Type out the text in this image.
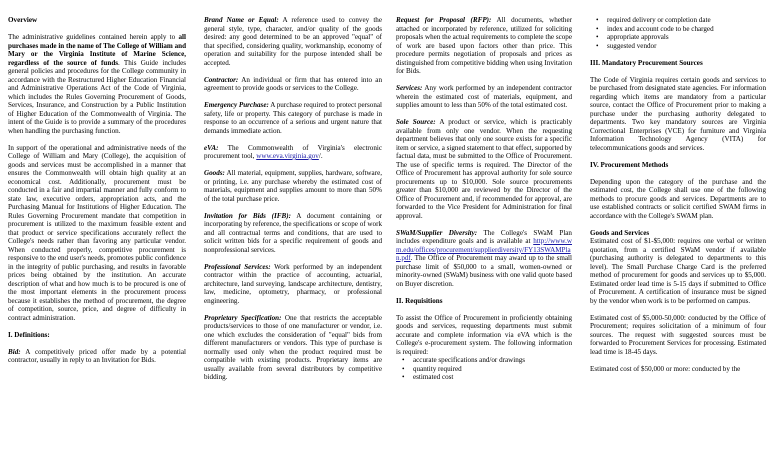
Overview

The administrative guidelines contained herein apply to all purchases made in the name of The College of William and Mary or the Virginia Institute of Marine Science, regardless of the source of funds. This Guide includes general policies and procedures for the College community in accordance with the Restructured Higher Education Financial and Administrative Operations Act of the Code of Virginia, which includes the Rules Governing Procurement of Goods, Services, Insurance, and Construction by a Public Institution of Higher Education of the Commonwealth of Virginia. The intent of the Guide is to provide a summary of the procedures when handling the purchasing function.

In support of the operational and administrative needs of the College of William and Mary (College), the acquisition of goods and services must be accomplished in a manner that ensures the Commonwealth will obtain high quality at an economical cost. Additionally, procurement must be conducted in a fair and impartial manner and fully conform to state law, executive orders, appropriation acts, and the Purchasing Manual for Institutions of Higher Education. The Rules Governing Procurement mandate that competition in procurement is utilized to the maximum feasible extent and that product or service specifications accurately reflect the College's needs rather than favoring any particular vendor. When conducted properly, competitive procurement is responsive to the end user's needs, promotes public confidence in the integrity of public purchasing, and results in favorable prices being obtained by the institution. An accurate description of what and how much is to be procured is one of the most important elements in the procurement process because it establishes the method of procurement, the degree of competition, source, price, and degree of difficulty in contract administration.

I. Definitions:

Bid: A competitively priced offer made by a potential contractor, usually in reply to an Invitation for Bids.

Brand Name or Equal: A reference used to convey the general style, type, character, and/or quality of the goods desired: any good determined to be an approved "equal" of that specified, considering quality, workmanship, economy of operation and suitability for the purpose intended shall be accepted.

Contractor: An individual or firm that has entered into an agreement to provide goods or services to the College.

Emergency Purchase: A purchase required to protect personal safety, life or property. This category of purchase is made in response to an occurrence of a serious and urgent nature that demands immediate action.

eVA: The Commonwealth of Virginia's electronic procurement tool, www.eva.virginia.gov/.

Goods: All material, equipment, supplies, hardware, software, or printing, i.e. any purchase whereby the estimated cost of materials, equipment and supplies amount to more than 50% of the total purchase price.

Invitation for Bids (IFB): A document containing or incorporating by reference, the specifications or scope of work and all contractual terms and conditions, that are used to solicit written bids for a specific requirement of goods and nonprofessional services.

Professional Services: Work performed by an independent contractor within the practice of accounting, actuarial, architecture, land surveying, landscape architecture, dentistry, law, medicine, optometry, pharmacy, or professional engineering.

Proprietary Specification: One that restricts the acceptable products/services to those of one manufacturer or vendor, i.e. one which excludes the consideration of "equal" bids from different manufacturers or vendors. This type of purchase is normally used only when the product required must be compatible with existing products. Proprietary items are usually available from several distributors by competitive bidding.

Request for Proposal (RFP): All documents, whether attached or incorporated by reference, utilized for soliciting proposals when the actual requirements to complete the scope of work are based upon factors other than price. This procedure permits negotiation of proposals and prices as distinguished from competitive bidding when using Invitation for Bids.

Services: Any work performed by an independent contractor wherein the estimated cost of materials, equipment, and supplies amount to less than 50% of the total estimated cost.

Sole Source: A product or service, which is practicably available from only one vendor. When the requesting department believes that only one source exists for a specific item or service, a signed statement to that effect, supported by factual data, must be submitted to the Office of Procurement. The use of specific terms is required. The Director of the Office of Procurement has approval authority for sole source procurements up to $10,000. Sole source procurements greater than $10,000 are reviewed by the Director of the Office of Procurement and, if recommended for approval, are forwarded to the Vice President for Administration for final approval.

SWaM/Supplier Diversity: The College's SWaM Plan includes expenditure goals and is available at http://www.wm.edu/offices/procurement/supplierdiversity/FY13SWAMPlan.pdf. The Office of Procurement may award up to the small purchase limit of $50,000 to a small, women-owned or minority-owned (SWaM) business with one valid quote based on Buyer discretion.

II. Requisitions

To assist the Office of Procurement in proficiently obtaining goods and services, requesting departments must submit accurate and complete information via eVA which is the College's e-procurement system. The following information is required:

• accurate specifications and/or drawings
• quantity required
• estimated cost
• required delivery or completion date
• index and account code to be charged
• appropriate approvals
• suggested vendor

III. Mandatory Procurement Sources

The Code of Virginia requires certain goods and services to be purchased from designated state agencies. For information regarding which items are mandatory from a particular source, contact the Office of Procurement prior to making a purchase under the purchasing authority delegated to departments. Two key mandatory sources are Virginia Correctional Enterprises (VCE) for furniture and Virginia Information Technology Agency (VITA) for telecommunications goods and services.

IV. Procurement Methods

Depending upon the category of the purchase and the estimated cost, the College shall use one of the following methods to procure goods and services. Departments are to use established contracts or solicit certified SWAM firms in accordance with the College's SWAM plan.

Goods and Services

Estimated cost of $1-$5,000: requires one verbal or written quotation, from a certified SWaM vendor if available (purchasing authority is delegated to departments to this level). The Small Purchase Charge Card is the preferred method of procurement for goods and services up to $5,000. Estimated order lead time is 5-15 days if submitted to Office of Procurement. A certification of insurance must be signed by the vendor when work is to be performed on campus.

Estimated cost of $5,000-50,000: conducted by the Office of Procurement; requires solicitation of a minimum of four sources. The request with suggested sources must be forwarded to Procurement Services for processing. Estimated lead time is 18-45 days.

Estimated cost of $50,000 or more: conducted by the
